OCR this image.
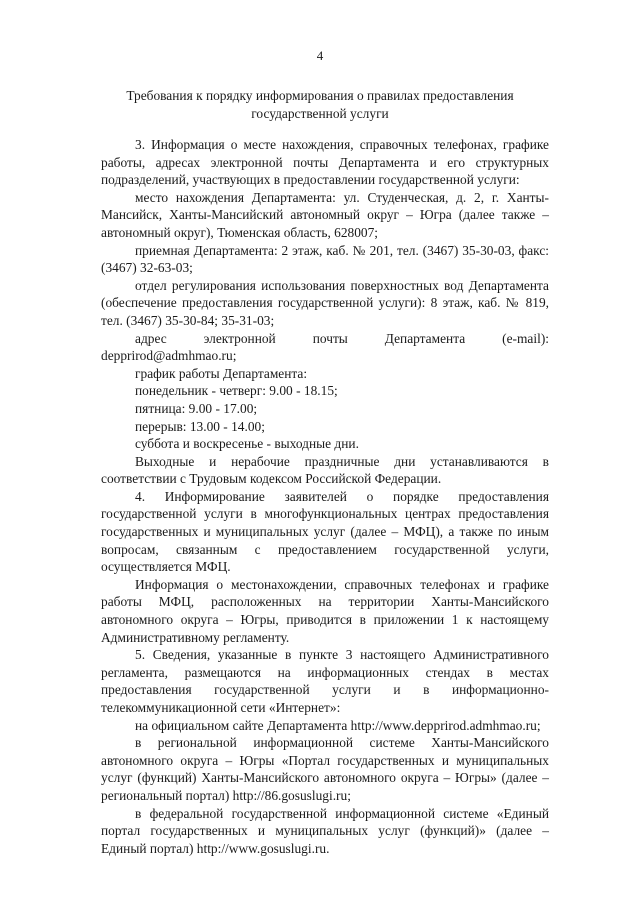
4
Требования к порядку информирования о правилах предоставления
государственной услуги

3. Информация о месте нахождения, справочных телефонах, графике работы, адресах электронной почты Департамента и его структурных подразделений, участвующих в предоставлении государственной услуги:

место нахождения Департамента: ул. Студенческая, д. 2, г. Ханты-Мансийск, Ханты-Мансийский автономный округ – Югра (далее также – автономный округ), Тюменская область, 628007;

приемная Департамента: 2 этаж, каб. № 201, тел. (3467) 35-30-03, факс: (3467) 32-63-03;

отдел регулирования использования поверхностных вод Департамента (обеспечение предоставления государственной услуги): 8 этаж, каб. № 819, тел. (3467) 35-30-84; 35-31-03;

адрес электронной почты Департамента (e-mail): depprirod@admhmao.ru;

график работы Департамента:

понедельник - четверг: 9.00 - 18.15;

пятница: 9.00 - 17.00;

перерыв: 13.00 - 14.00;

суббота и воскресенье - выходные дни.

Выходные и нерабочие праздничные дни устанавливаются в соответствии с Трудовым кодексом Российской Федерации.

4. Информирование заявителей о порядке предоставления государственной услуги в многофункциональных центрах предоставления государственных и муниципальных услуг (далее – МФЦ), а также по иным вопросам, связанным с предоставлением государственной услуги, осуществляется МФЦ.

Информация о местонахождении, справочных телефонах и графике работы МФЦ, расположенных на территории Ханты-Мансийского автономного округа – Югры, приводится в приложении 1 к настоящему Административному регламенту.

5. Сведения, указанные в пункте 3 настоящего Административного регламента, размещаются на информационных стендах в местах предоставления государственной услуги и в информационно-телекоммуникационной сети «Интернет»:

на официальном сайте Департамента http://www.depprirod.admhmao.ru;

в региональной информационной системе Ханты-Мансийского автономного округа – Югры «Портал государственных и муниципальных услуг (функций) Ханты-Мансийского автономного округа – Югры» (далее – региональный портал) http://86.gosuslugi.ru;

в федеральной государственной информационной системе «Единый портал государственных и муниципальных услуг (функций)» (далее – Единый портал) http://www.gosuslugi.ru.
